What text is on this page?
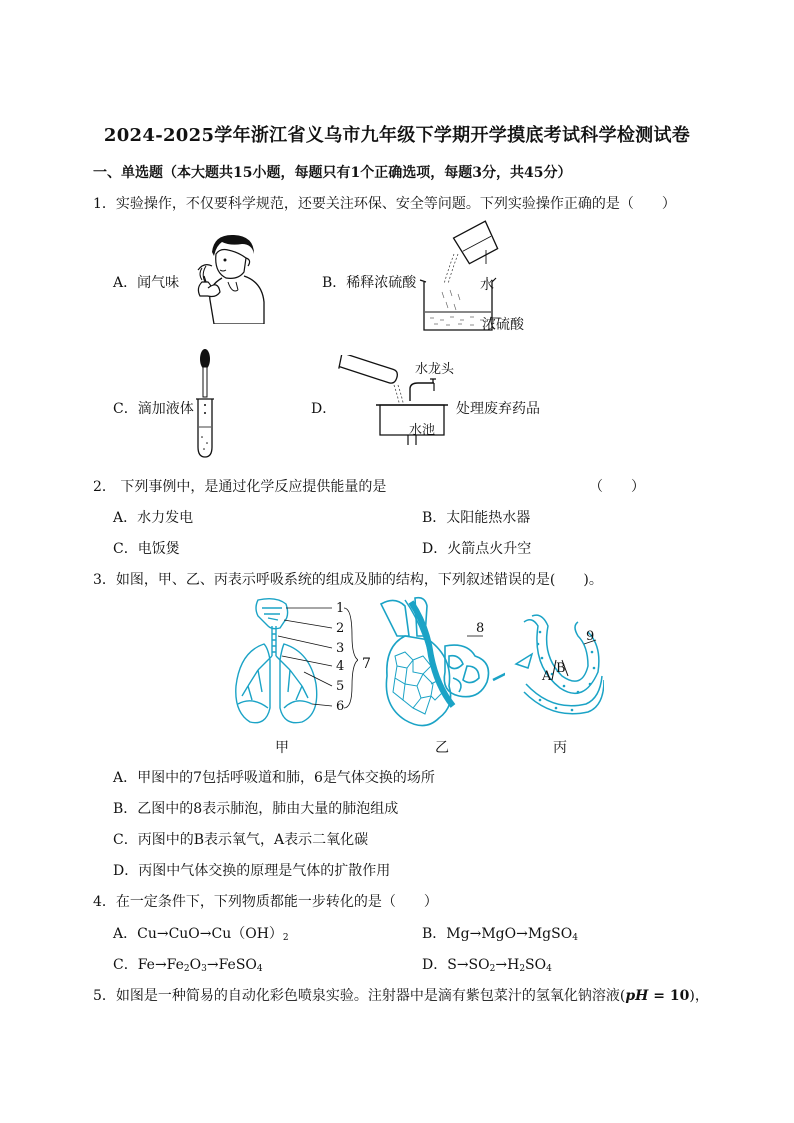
2024-2025学年浙江省义乌市九年级下学期开学摸底考试科学检测试卷
一、单选题（本大题共15小题，每题只有1个正确选项，每题3分，共45分）
1．实验操作，不仅要科学规范，还要关注环保、安全等问题。下列实验操作正确的是（　　）
A．闻气味	B．稀释浓硫酸
C．滴加液体	D．
水
浓硫酸
水龙头
水池
处理废弃药品
2． 下列事例中，是通过化学反应提供能量的是	（　　）
A．水力发电	B．太阳能热水器
C．电饭煲	D．火箭点火升空
3．如图，甲、乙、丙表示呼吸系统的组成及肺的结构，下列叙述错误的是(　　)。
1
2
3
4
5
6
7
8
A
B
9
甲	乙	丙
A．甲图中的7包括呼吸道和肺，6是气体交换的场所
B．乙图中的8表示肺泡，肺由大量的肺泡组成
C．丙图中的B表示氧气，A表示二氧化碳
D．丙图中气体交换的原理是气体的扩散作用
4．在一定条件下，下列物质都能一步转化的是（　　）
A．$Cu\to CuO\to Cu(OH)_2$	B．Mg→MgO→MgSO$_4$
C．$Fe\to Fe_2O_3\to FeSO_4$	D．$S\to SO_2\to H_2SO_4$
5．如图是一种简易的自动化彩色喷泉实验。注射器中是滴有紫包菜汁的氢氧化钠溶液(pH = 10)，
